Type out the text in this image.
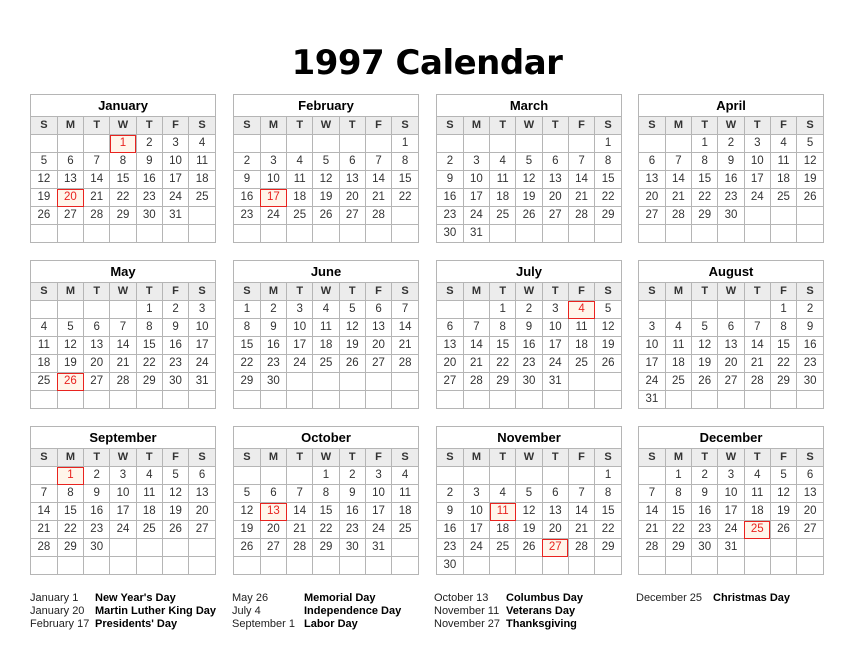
1997 Calendar
January
S	M	T	W	T	F	S
			1	2	3	4
5	6	7	8	9	10	11
12	13	14	15	16	17	18
19	20	21	22	23	24	25
26	27	28	29	30	31	

February
S	M	T	W	T	F	S
						1
2	3	4	5	6	7	8
9	10	11	12	13	14	15
16	17	18	19	20	21	22
23	24	25	26	27	28	

March
S	M	T	W	T	F	S
						1
2	3	4	5	6	7	8
9	10	11	12	13	14	15
16	17	18	19	20	21	22
23	24	25	26	27	28	29
30	31					
April
S	M	T	W	T	F	S
		1	2	3	4	5
6	7	8	9	10	11	12
13	14	15	16	17	18	19
20	21	22	23	24	25	26
27	28	29	30			

May
S	M	T	W	T	F	S
				1	2	3
4	5	6	7	8	9	10
11	12	13	14	15	16	17
18	19	20	21	22	23	24
25	26	27	28	29	30	31

June
S	M	T	W	T	F	S
1	2	3	4	5	6	7
8	9	10	11	12	13	14
15	16	17	18	19	20	21
22	23	24	25	26	27	28
29	30					

July
S	M	T	W	T	F	S
		1	2	3	4	5
6	7	8	9	10	11	12
13	14	15	16	17	18	19
20	21	22	23	24	25	26
27	28	29	30	31		

August
S	M	T	W	T	F	S
					1	2
3	4	5	6	7	8	9
10	11	12	13	14	15	16
17	18	19	20	21	22	23
24	25	26	27	28	29	30
31						
September
S	M	T	W	T	F	S
	1	2	3	4	5	6
7	8	9	10	11	12	13
14	15	16	17	18	19	20
21	22	23	24	25	26	27
28	29	30				

October
S	M	T	W	T	F	S
			1	2	3	4
5	6	7	8	9	10	11
12	13	14	15	16	17	18
19	20	21	22	23	24	25
26	27	28	29	30	31	

November
S	M	T	W	T	F	S
						1
2	3	4	5	6	7	8
9	10	11	12	13	14	15
16	17	18	19	20	21	22
23	24	25	26	27	28	29
30						
December
S	M	T	W	T	F	S
	1	2	3	4	5	6
7	8	9	10	11	12	13
14	15	16	17	18	19	20
21	22	23	24	25	26	27
28	29	30	31			

January 1	New Year's Day
January 20 Martin Luther King Day
February 17 Presidents' Day
May 26	Memorial Day
July 4	Independence Day
September 1 Labor Day
October 13	Columbus Day
November 11 Veterans Day
November 27 Thanksgiving
December 25 Christmas Day
